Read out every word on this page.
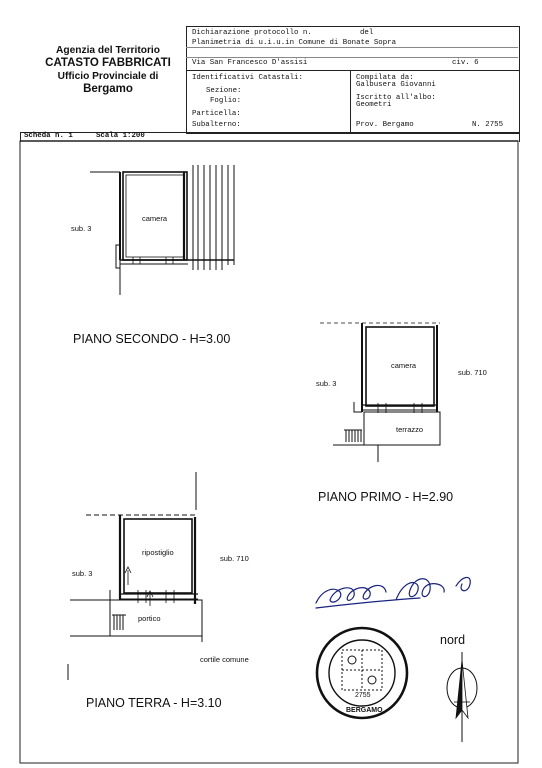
Agenzia del Territorio
CATASTO FABBRICATI
Ufficio Provinciale di
Bergamo
Dichiarazione protocollo n.	del
Planimetria di u.i.u.in Comune di Bonate Sopra
Via San Francesco D'assisi	civ. 6
Identificativi Catastali:
Sezione:
Foglio:
Particella:
Subalterno:
Compilata da:
Galbusera Giovanni
Iscritto all'albo:
Geometri
Prov. Bergamo	N. 2755
Scheda n. 1	Scala 1:200
2755
BERGAMO
camera
sub. 3
PIANO SECONDO - H=3.00
camera
sub. 3
sub. 710
terrazzo
PIANO PRIMO - H=2.90
ripostiglio
sub. 3
sub. 710
portico
cortile comune
PIANO TERRA - H=3.10
nord
